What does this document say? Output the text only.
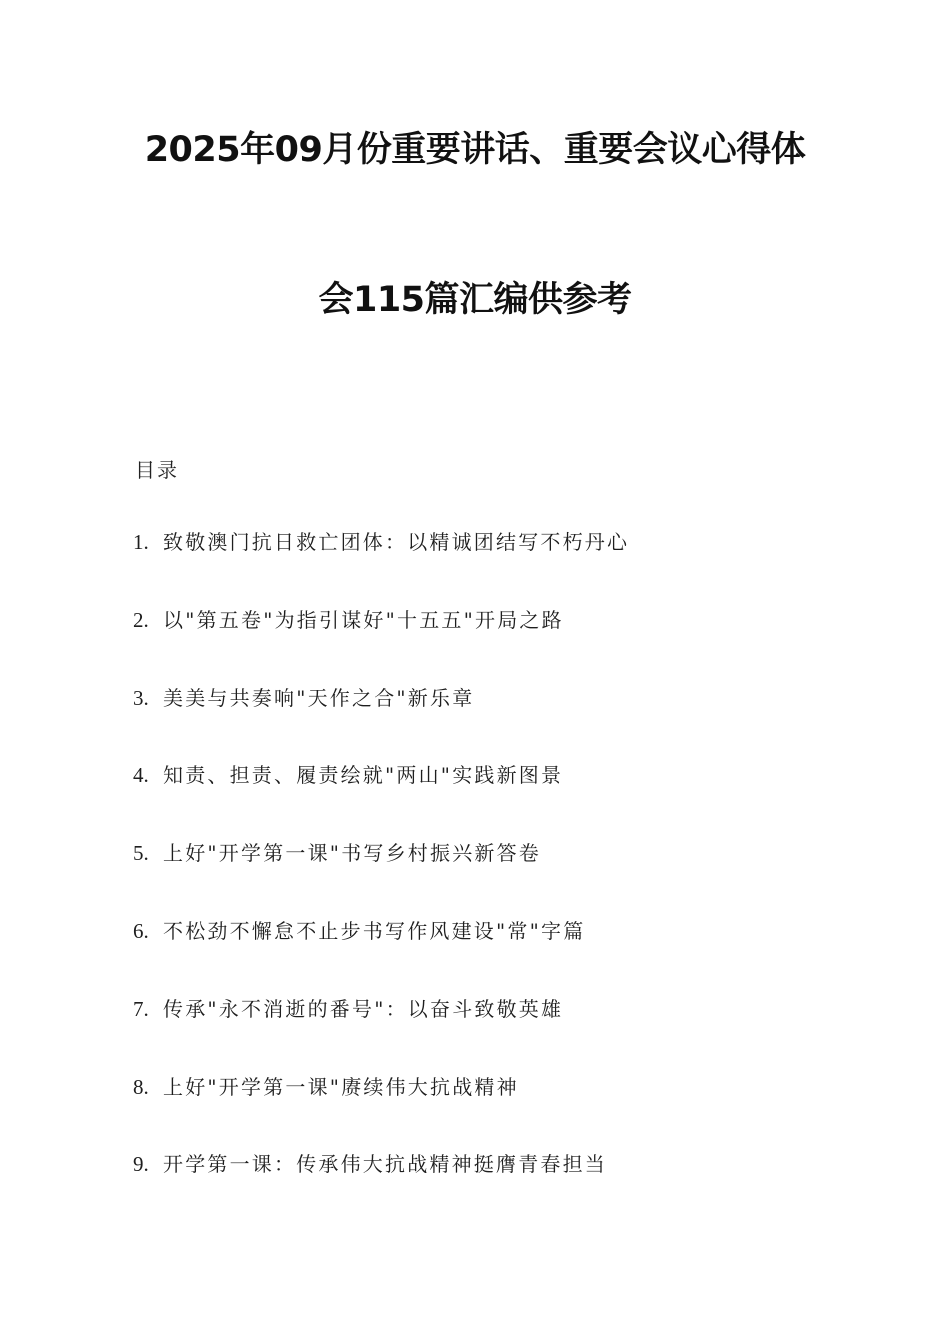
2025年09月份重要讲话、重要会议心得体
会115篇汇编供参考
目录
1. 致敬澳门抗日救亡团体：以精诚团结写不朽丹心
2. 以"第五卷"为指引谋好"十五五"开局之路
3. 美美与共奏响"天作之合"新乐章
4. 知责、担责、履责绘就"两山"实践新图景
5. 上好"开学第一课"书写乡村振兴新答卷
6. 不松劲不懈怠不止步书写作风建设"常"字篇
7. 传承"永不消逝的番号"：以奋斗致敬英雄
8. 上好"开学第一课"赓续伟大抗战精神
9. 开学第一课：传承伟大抗战精神挺膺青春担当
